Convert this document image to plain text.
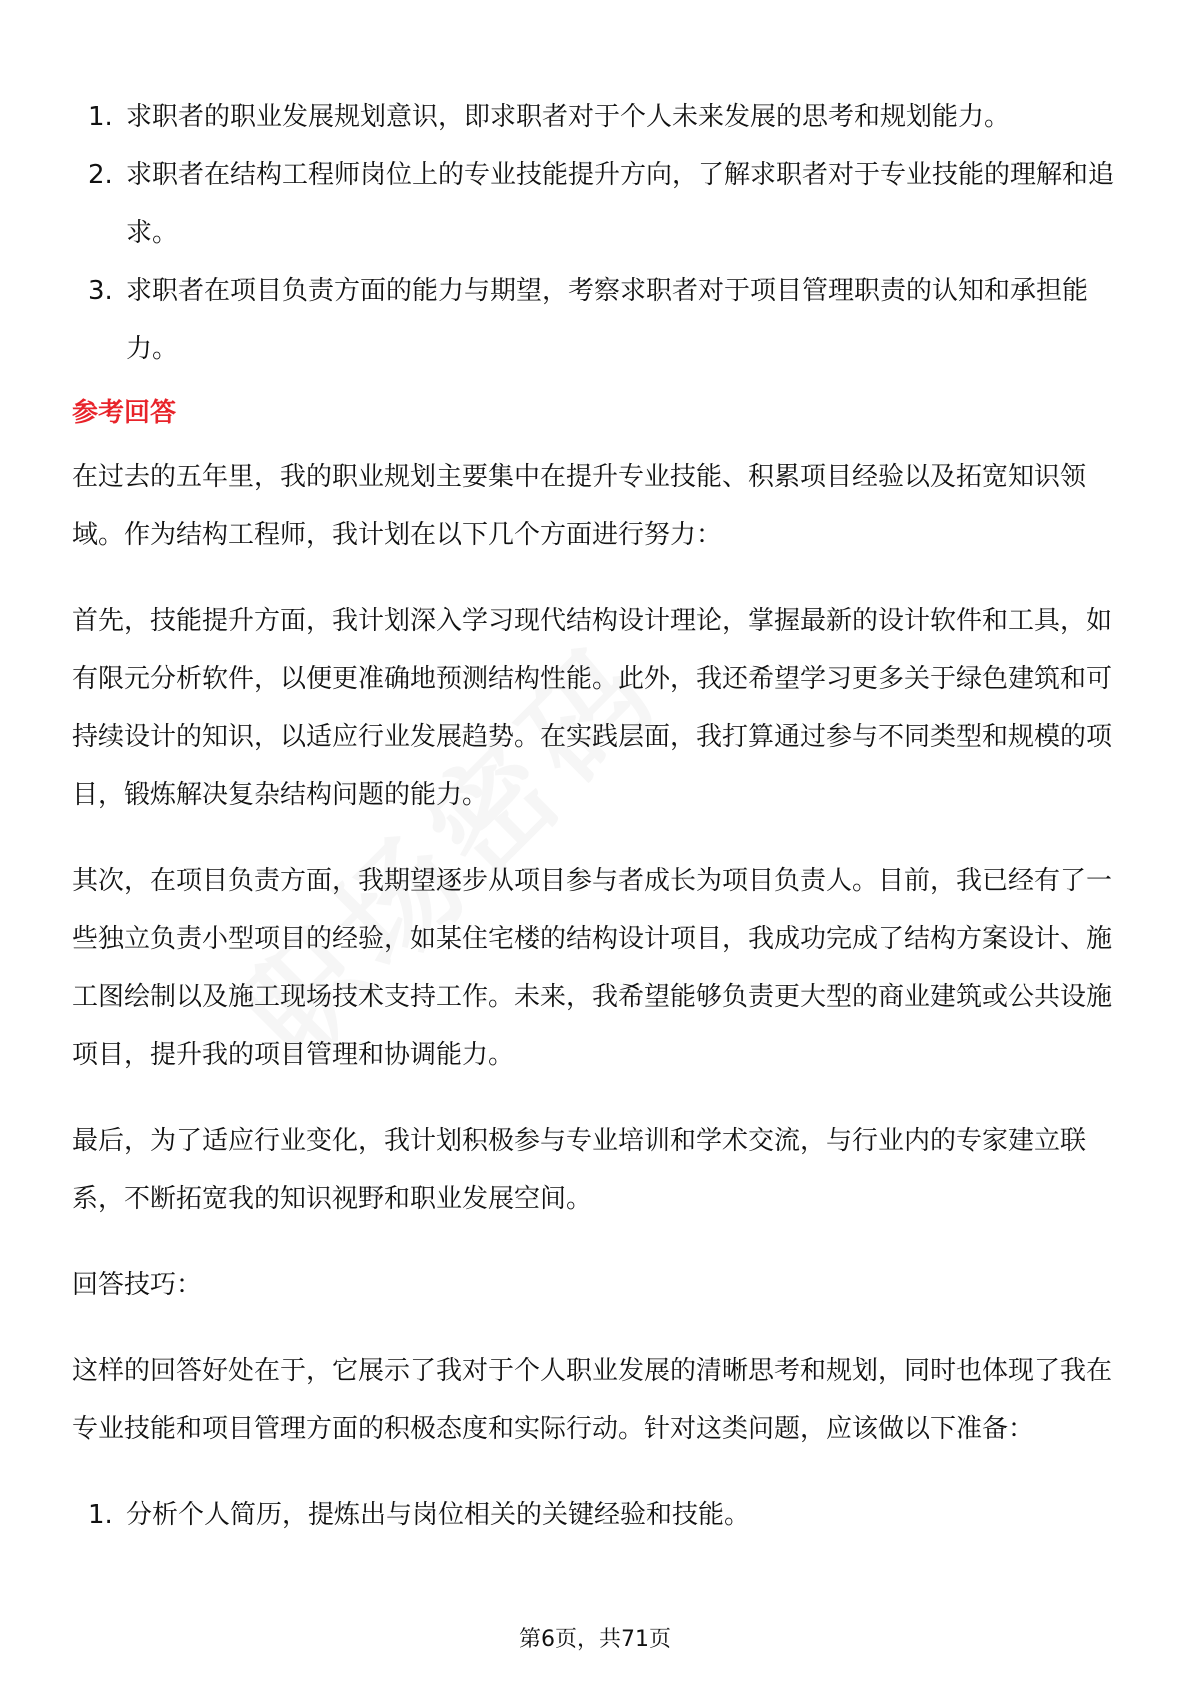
1. 求职者的职业发展规划意识，即求职者对于个人未来发展的思考和规划能力。
2. 求职者在结构工程师岗位上的专业技能提升方向，了解求职者对于专业技能的理解和追求。
3. 求职者在项目负责方面的能力与期望，考察求职者对于项目管理职责的认知和承担能力。
参考回答

在过去的五年里，我的职业规划主要集中在提升专业技能、积累项目经验以及拓宽知识领域。作为结构工程师，我计划在以下几个方面进行努力：

首先，技能提升方面，我计划深入学习现代结构设计理论，掌握最新的设计软件和工具，如有限元分析软件，以便更准确地预测结构性能。此外，我还希望学习更多关于绿色建筑和可持续设计的知识，以适应行业发展趋势。在实践层面，我打算通过参与不同类型和规模的项目，锻炼解决复杂结构问题的能力。

其次，在项目负责方面，我期望逐步从项目参与者成长为项目负责人。目前，我已经有了一些独立负责小型项目的经验，如某住宅楼的结构设计项目，我成功完成了结构方案设计、施工图绘制以及施工现场技术支持工作。未来，我希望能够负责更大型的商业建筑或公共设施项目，提升我的项目管理和协调能力。

最后，为了适应行业变化，我计划积极参与专业培训和学术交流，与行业内的专家建立联系，不断拓宽我的知识视野和职业发展空间。

回答技巧：

这样的回答好处在于，它展示了我对于个人职业发展的清晰思考和规划，同时也体现了我在专业技能和项目管理方面的积极态度和实际行动。针对这类问题，应该做以下准备：

1. 分析个人简历，提炼出与岗位相关的关键经验和技能。
第6页，共71页
